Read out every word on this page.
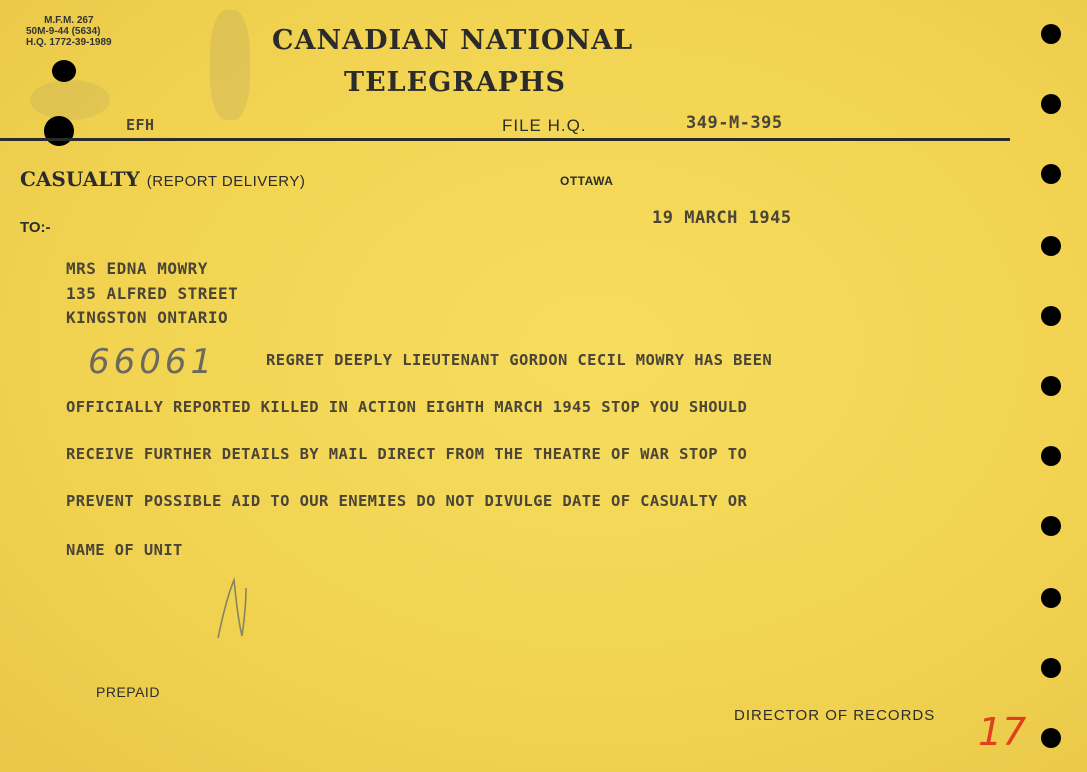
M.F.M. 267
50M-9-44 (5634)
H.Q. 1772-39-1989	CANADIAN NATIONAL
TELEGRAPHS
EFH	FILE H.Q.	349-M-395
CASUALTY (REPORT DELIVERY)	OTTAWA
19 MARCH 1945
TO:-
MRS EDNA MOWRY
135 ALFRED STREET
KINGSTON ONTARIO
66061	REGRET DEEPLY LIEUTENANT GORDON CECIL MOWRY HAS BEEN
OFFICIALLY REPORTED KILLED IN ACTION EIGHTH MARCH 1945 STOP YOU SHOULD
RECEIVE FURTHER DETAILS BY MAIL DIRECT FROM THE THEATRE OF WAR STOP TO
PREVENT POSSIBLE AID TO OUR ENEMIES DO NOT DIVULGE DATE OF CASUALTY OR
NAME OF UNIT
PREPAID
DIRECTOR OF RECORDS 17
